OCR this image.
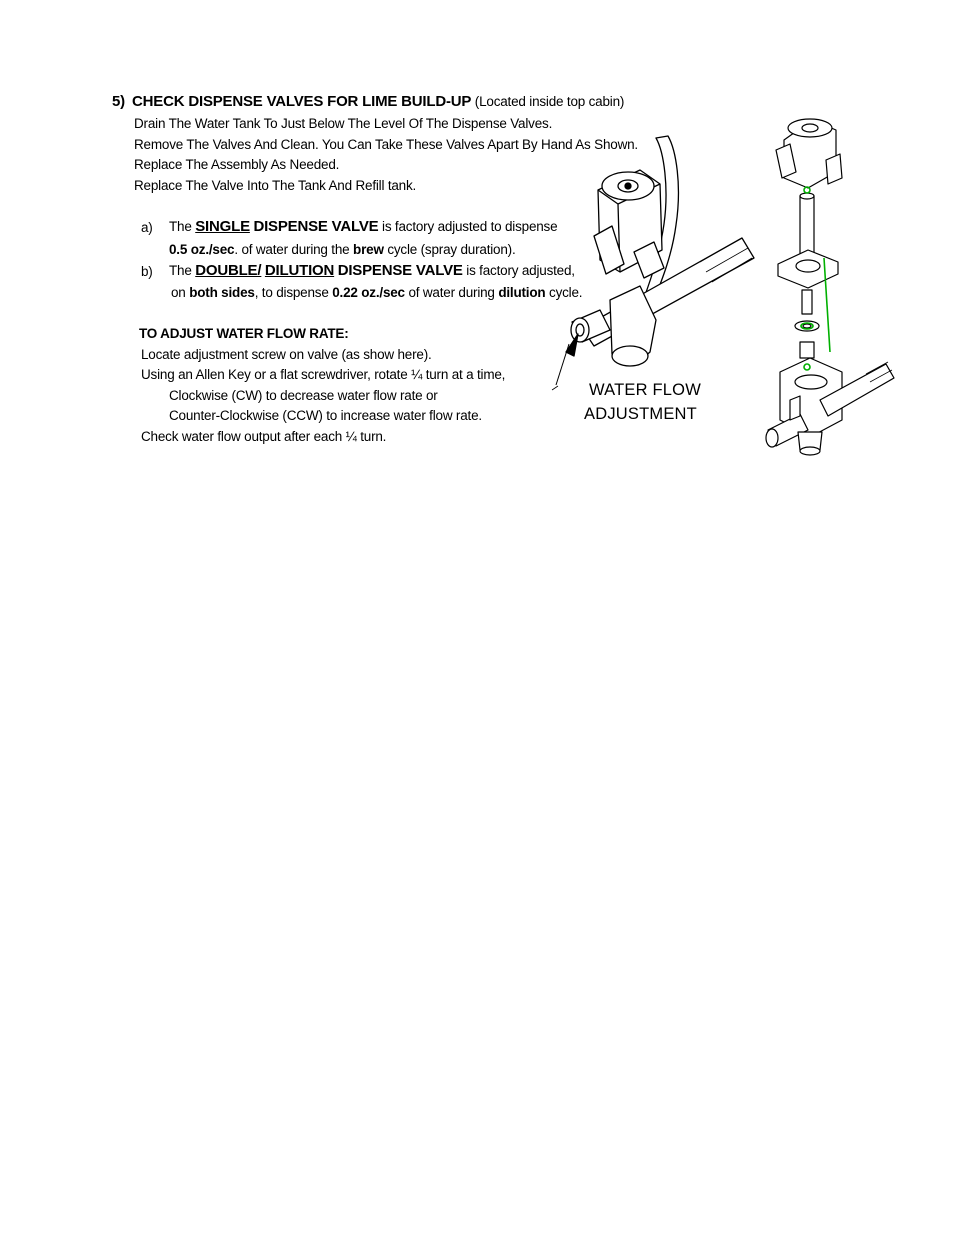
5) CHECK DISPENSE VALVES FOR LIME BUILD-UP (Located inside top cabin)
Drain The Water Tank To Just Below The Level Of The Dispense Valves.
Remove The Valves And Clean. You Can Take These Valves Apart By Hand As Shown.
Replace The Assembly As Needed.
Replace The Valve Into The Tank And Refill tank.
a) The SINGLE DISPENSE VALVE is factory adjusted to dispense
0.5 oz./sec. of water during the brew cycle (spray duration).
b) The DOUBLE/ DILUTION DISPENSE VALVE is factory adjusted,
on both sides, to dispense 0.22 oz./sec of water during dilution cycle.
TO ADJUST WATER FLOW RATE:
Locate adjustment screw on valve (as show here).
Using an Allen Key or a flat screwdriver, rotate ¼ turn at a time,
Clockwise (CW) to decrease water flow rate or
Counter-Clockwise (CCW) to increase water flow rate.
Check water flow output after each ¼ turn.
WATER FLOW
ADJUSTMENT
